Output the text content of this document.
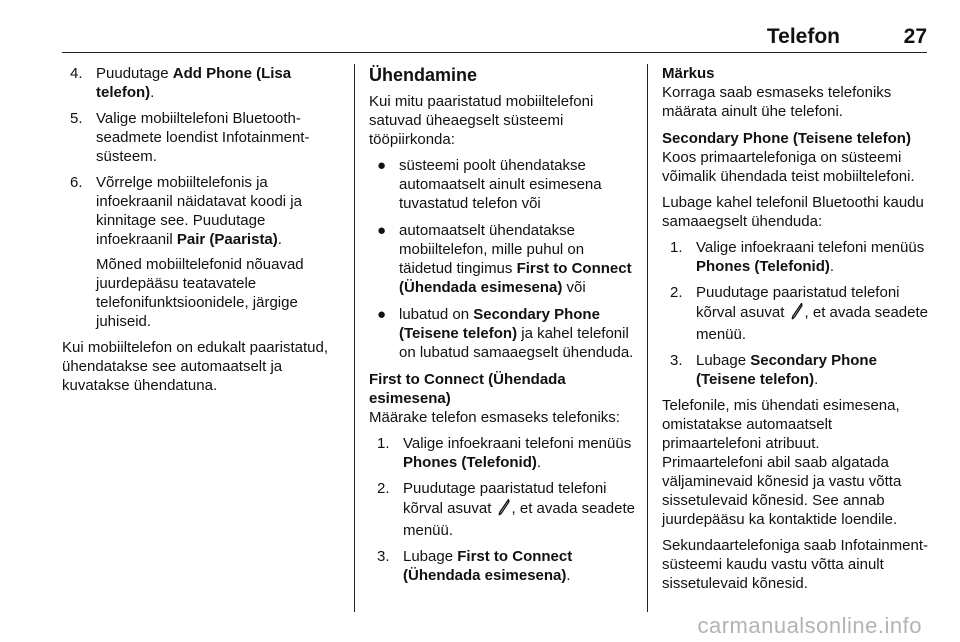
Telefon	27
4. Puudutage Add Phone (Lisa telefon).
5. Valige mobiiltelefoni Bluetooth-seadmete loendist Infotainment-süsteem.
6. Võrrelge mobiiltelefonis ja infoekraanil näidatavat koodi ja kinnitage see. Puudutage infoekraanil Pair (Paarista).
Mõned mobiiltelefonid nõuavad juurdepääsu teatavatele telefonifunktsioonidele, järgige juhiseid.

Kui mobiiltelefon on edukalt paaristatud, ühendatakse see automaatselt ja kuvatakse ühendatuna.

Ühendamine

Kui mitu paaristatud mobiiltelefoni satuvad üheaegselt süsteemi tööpiirkonda:

● süsteemi poolt ühendatakse automaatselt ainult esimesena tuvastatud telefon või
● automaatselt ühendatakse mobiiltelefon, mille puhul on täidetud tingimus First to Connect (Ühendada esimesena) või
● lubatud on Secondary Phone (Teisene telefon) ja kahel telefonil on lubatud samaaegselt ühenduda.

First to Connect (Ühendada esimesena)

Määrake telefon esmaseks telefoniks:

1. Valige infoekraani telefoni menüüs Phones (Telefonid).
2. Puudutage paaristatud telefoni kõrval asuvat , et avada seadete menüü.
3. Lubage First to Connect (Ühendada esimesena).
Märkus
Korraga saab esmaseks telefoniks määrata ainult ühe telefoni.

Secondary Phone (Teisene telefon)

Koos primaartelefoniga on süsteemi võimalik ühendada teist mobiiltelefoni.

Lubage kahel telefonil Bluetoothi kaudu samaaegselt ühenduda:

1. Valige infoekraani telefoni menüüs Phones (Telefonid).
2. Puudutage paaristatud telefoni kõrval asuvat , et avada seadete menüü.
3. Lubage Secondary Phone (Teisene telefon).

Telefonile, mis ühendati esimesena, omistatakse automaatselt primaartelefoni atribuut.

Primaartelefoni abil saab algatada väljaminevaid kõnesid ja vastu võtta sissetulevaid kõnesid. See annab juurdepääsu ka kontaktide loendile.

Sekundaartelefoniga saab Infotainment-süsteemi kaudu vastu võtta ainult sissetulevaid kõnesid.

carmanualsonline.info
